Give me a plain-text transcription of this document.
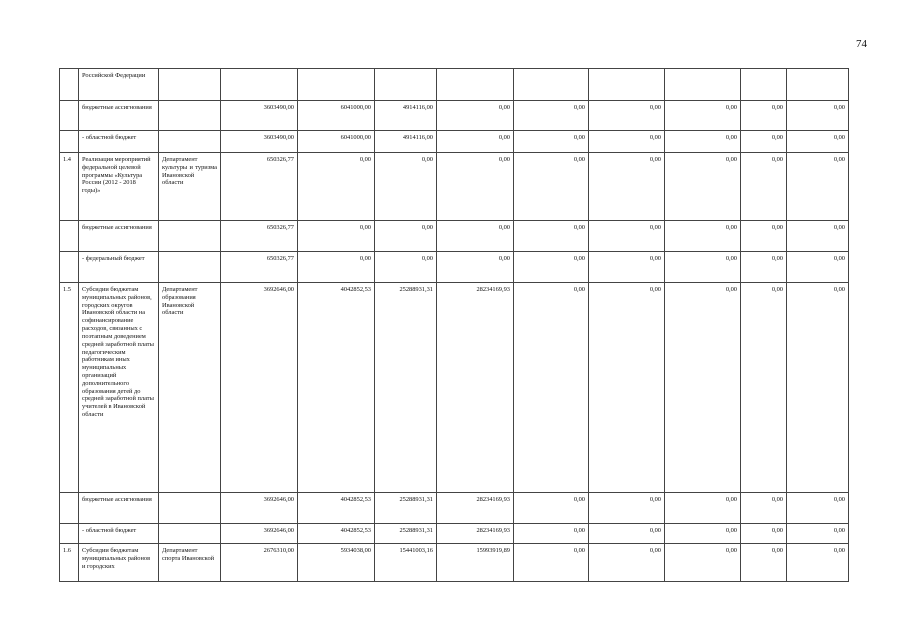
74
	Российской Федерации										
	бюджетные ассигнования		3603490,00	6041000,00	4914116,00	0,00	0,00	0,00	0,00	0,00	0,00
	- областной бюджет		3603490,00	6041000,00	4914116,00	0,00	0,00	0,00	0,00	0,00	0,00
1.4	Реализация мероприятий федеральной целевой программы «Культура России (2012 - 2018 годы)»	Департамент культуры и туризма Ивановской области	650326,77	0,00	0,00	0,00	0,00	0,00	0,00	0,00	0,00
	бюджетные ассигнования		650326,77	0,00	0,00	0,00	0,00	0,00	0,00	0,00	0,00
	- федеральный бюджет		650326,77	0,00	0,00	0,00	0,00	0,00	0,00	0,00	0,00
1.5	Субсидии бюджетам муниципальных районов, городских округов Ивановской области на софинансирование расходов, связанных с поэтапным доведением средней заработной платы педагогическим работникам иных муниципальных организаций дополнительного образования детей до средней заработной платы учителей в Ивановской области	Департамент образования Ивановской области	3692646,00	4042852,53	25288931,31	28234169,93	0,00	0,00	0,00	0,00	0,00
	бюджетные ассигнования		3692646,00	4042852,53	25288931,31	28234169,93	0,00	0,00	0,00	0,00	0,00
	- областной бюджет		3692646,00	4042852,53	25288931,31	28234169,93	0,00	0,00	0,00	0,00	0,00
1.6	Субсидии бюджетам муниципальных районов и городских	Департамент спорта Ивановской	2676310,00	5934038,00	15441003,16	15993919,89	0,00	0,00	0,00	0,00	0,00
